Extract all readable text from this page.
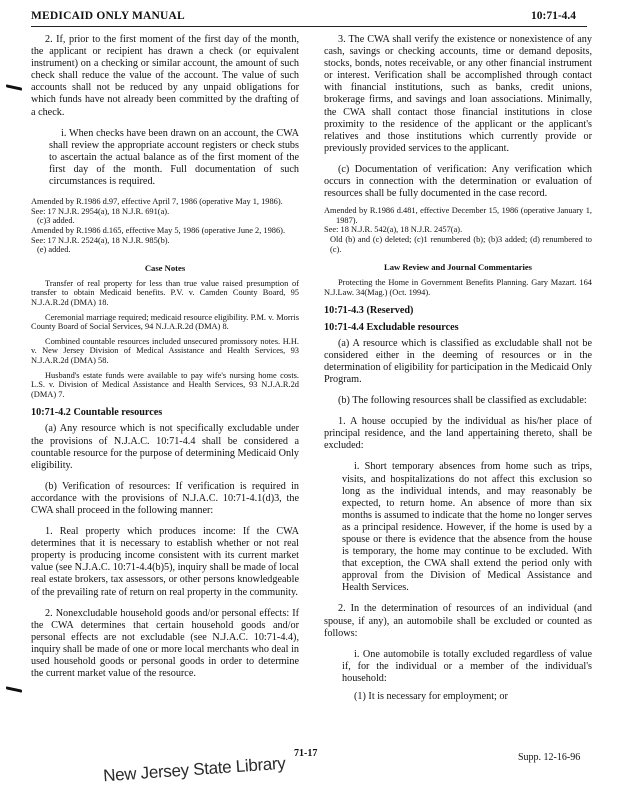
MEDICAID ONLY MANUAL	10:71-4.4

2. If, prior to the first moment of the first day of the month, the applicant or recipient has drawn a check (or equivalent instrument) on a checking or similar account, the amount of such check shall reduce the value of the account. The value of such accounts shall not be reduced by any unpaid obligations for which funds have not already been committed by the drafting of a check.

i. When checks have been drawn on an account, the CWA shall review the appropriate account registers or check stubs to ascertain the actual balance as of the first moment of the first day of the month. Full documentation of such circumstances is required.

Amended by R.1986 d.97, effective April 7, 1986 (operative May 1, 1986).

See: 17 N.J.R. 2954(a), 18 N.J.R. 691(a).

(c)3 added.

Amended by R.1986 d.165, effective May 5, 1986 (operative June 2, 1986).

See: 17 N.J.R. 2524(a), 18 N.J.R. 985(b).

(e) added.

Case Notes

Transfer of real property for less than true value raised presumption of transfer to obtain Medicaid benefits. P.V. v. Camden County Board, 95 N.J.A.R.2d (DMA) 18.

Ceremonial marriage required; medicaid resource eligibility. P.M. v. Morris County Board of Social Services, 94 N.J.A.R.2d (DMA) 8.

Combined countable resources included unsecured promissory notes. H.H. v. New Jersey Division of Medical Assistance and Health Services, 93 N.J.A.R.2d (DMA) 58.

Husband's estate funds were available to pay wife's nursing home costs. L.S. v. Division of Medical Assistance and Health Services, 93 N.J.A.R.2d (DMA) 7.

10:71-4.2 Countable resources

(a) Any resource which is not specifically excludable under the provisions of N.J.A.C. 10:71-4.4 shall be considered a countable resource for the purpose of determining Medicaid Only eligibility.

(b) Verification of resources: If verification is required in accordance with the provisions of N.J.A.C. 10:71-4.1(d)3, the CWA shall proceed in the following manner:

1. Real property which produces income: If the CWA determines that it is necessary to establish whether or not real property is producing income consistent with its current market value (see N.J.A.C. 10:71-4.4(b)5), inquiry shall be made of local real estate brokers, tax assessors, or other persons knowledgeable of the prevailing rate of return on real property in the community.

2. Nonexcludable household goods and/or personal effects: If the CWA determines that certain household goods and/or personal effects are not excludable (see N.J.A.C. 10:71-4.4), inquiry shall be made of one or more local merchants who deal in used household goods or personal goods in order to determine the current market value of the resource.

3. The CWA shall verify the existence or nonexistence of any cash, savings or checking accounts, time or demand deposits, stocks, bonds, notes receivable, or any other financial instrument or interest. Verification shall be accomplished through contact with financial institutions, such as banks, credit unions, brokerage firms, and savings and loan associations. Minimally, the CWA shall contact those financial institutions in close proximity to the residence of the applicant or the applicant's relatives and those institutions which currently provide or previously provided services to the applicant.

(c) Documentation of verification: Any verification which occurs in connection with the determination or evaluation of resources shall be fully documented in the case record.

Amended by R.1986 d.481, effective December 15, 1986 (operative January 1, 1987).

See: 18 N.J.R. 542(a), 18 N.J.R. 2457(a).

Old (b) and (c) deleted; (c)1 renumbered (b); (b)3 added; (d) renumbered to (c).

Law Review and Journal Commentaries

Protecting the Home in Government Benefits Planning. Gary Mazart. 164 N.J.Law. 34(Mag.) (Oct. 1994).

10:71-4.3 (Reserved)
10:71-4.4 Excludable resources

(a) A resource which is classified as excludable shall not be considered either in the deeming of resources or in the determination of eligibility for participation in the Medicaid Only Program.

(b) The following resources shall be classified as excludable:

1. A house occupied by the individual as his/her place of principal residence, and the land appertaining thereto, shall be excluded:

i. Short temporary absences from home such as trips, visits, and hospitalizations do not affect this exclusion so long as the individual intends, and may reasonably be expected, to return home. An absence of more than six months is assumed to indicate that the home no longer serves as a principal residence. However, if the home is used by a spouse or there is evidence that the absence from the house is temporary, the home may continue to be excluded. With that exception, the CWA shall extend the period only with approval from the Division of Medical Assistance and Health Services.

2. In the determination of resources of an individual (and spouse, if any), an automobile shall be excluded or counted as follows:

i. One automobile is totally excluded regardless of value if, for the individual or a member of the individual's household:

(1) It is necessary for employment; or

71-17	Supp. 12-16-96
New Jersey State Library
